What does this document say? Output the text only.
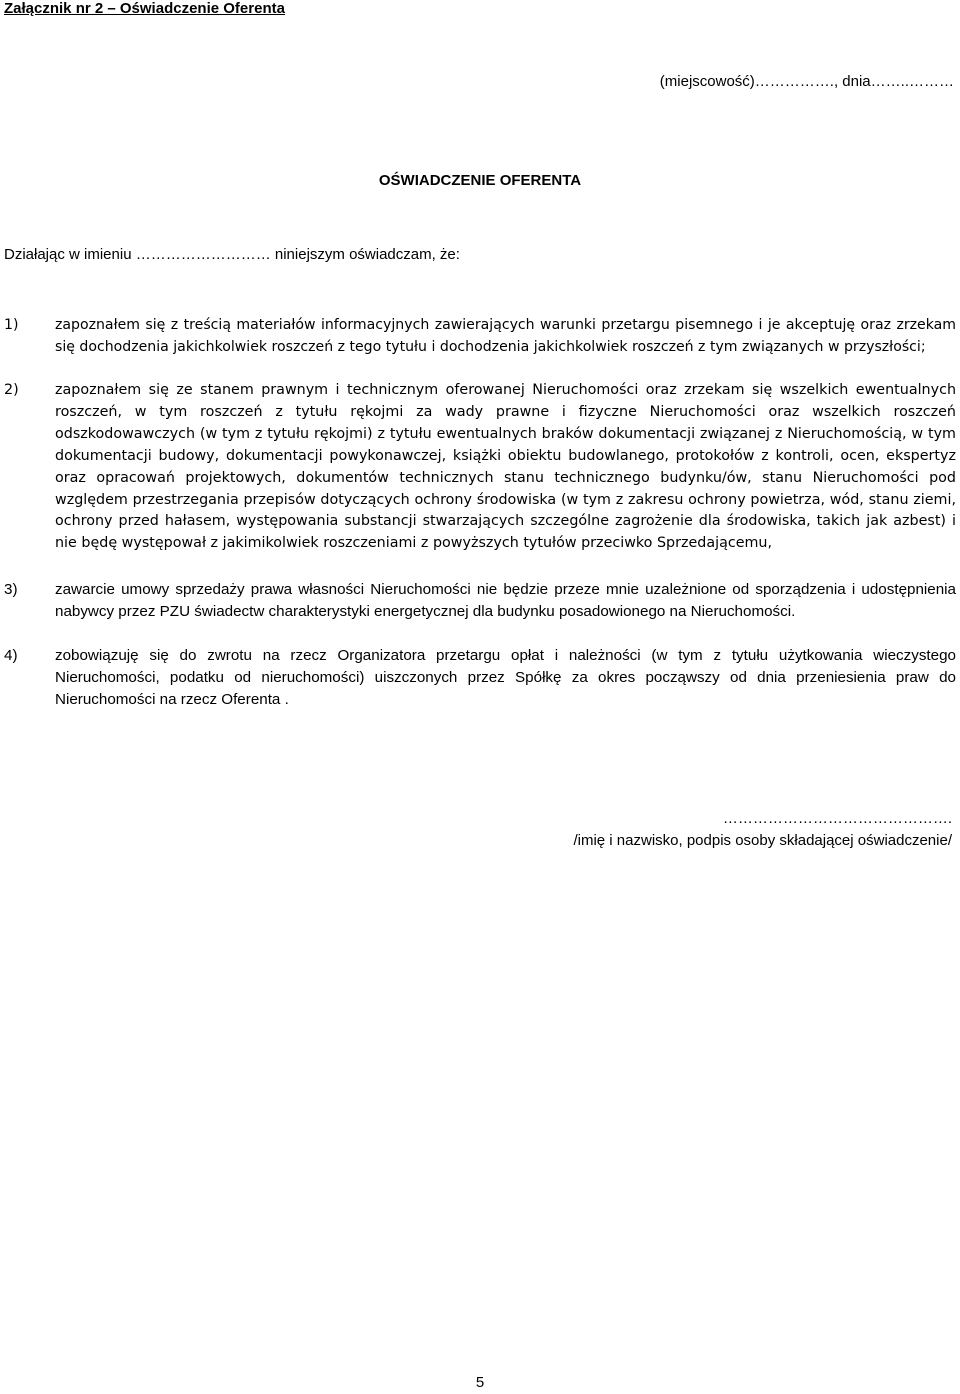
Załącznik nr 2 – Oświadczenie Oferenta
(miejscowość)……………., dnia……..………
OŚWIADCZENIE OFERENTA
Działając w imieniu ……………………… niniejszym oświadczam, że:
1)	zapoznałem się z treścią materiałów informacyjnych zawierających warunki przetargu pisemnego i je akceptuję oraz zrzekam się dochodzenia jakichkolwiek roszczeń z tego tytułu i dochodzenia jakichkolwiek roszczeń z tym związanych w przyszłości;
2)	zapoznałem się ze stanem prawnym i technicznym oferowanej Nieruchomości oraz zrzekam się wszelkich ewentualnych roszczeń, w tym roszczeń z tytułu rękojmi za wady prawne i fizyczne Nieruchomości oraz wszelkich roszczeń odszkodowawczych (w tym z tytułu rękojmi) z tytułu ewentualnych braków dokumentacji związanej z Nieruchomością, w tym dokumentacji budowy, dokumentacji powykonawczej, książki obiektu budowlanego, protokołów z kontroli, ocen, ekspertyz oraz opracowań projektowych, dokumentów technicznych stanu technicznego budynku/ów, stanu Nieruchomości pod względem przestrzegania przepisów dotyczących ochrony środowiska (w tym z zakresu ochrony powietrza, wód, stanu ziemi, ochrony przed hałasem, występowania substancji stwarzających szczególne zagrożenie dla środowiska, takich jak azbest) i nie będę występował z jakimikolwiek roszczeniami z powyższych tytułów przeciwko Sprzedającemu,
3) zawarcie umowy sprzedaży prawa własności Nieruchomości nie będzie przeze mnie uzależnione od sporządzenia i udostępnienia nabywcy przez PZU świadectw charakterystyki energetycznej dla budynku posadowionego na Nieruchomości.
4) zobowiązuję się do zwrotu na rzecz Organizatora przetargu opłat i należności (w tym z tytułu użytkowania wieczystego Nieruchomości, podatku od nieruchomości) uiszczonych przez Spółkę za okres począwszy od dnia przeniesienia praw do Nieruchomości na rzecz Oferenta .
……………………………………….
/imię i nazwisko, podpis osoby składającej oświadczenie/
5
